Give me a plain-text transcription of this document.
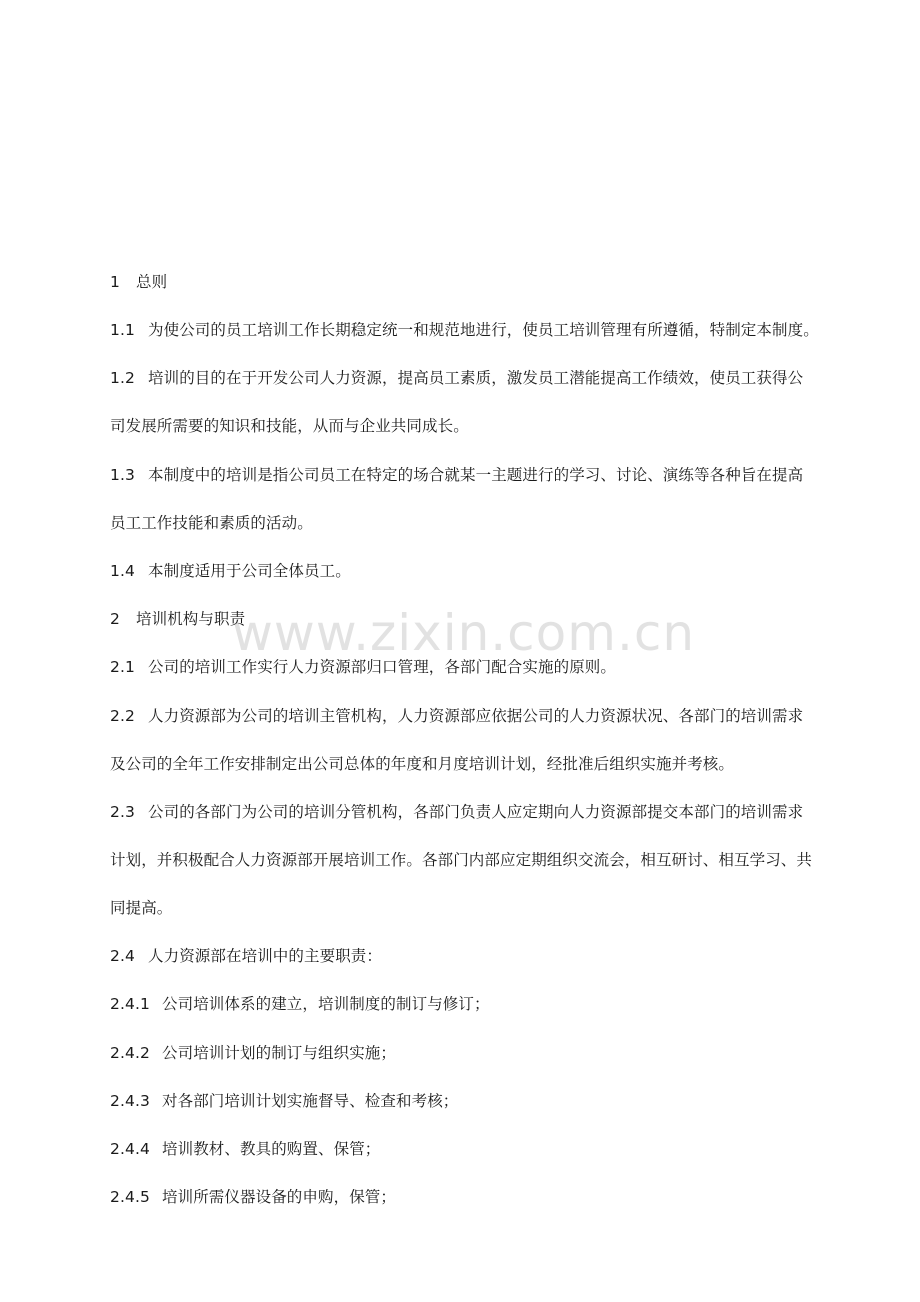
1 总则
1.1 为使公司的员工培训工作长期稳定统一和规范地进行，使员工培训管理有所遵循，特制定本制度。
1.2 培训的目的在于开发公司人力资源，提高员工素质，激发员工潜能提高工作绩效，使员工获得公
司发展所需要的知识和技能，从而与企业共同成长。
1.3 本制度中的培训是指公司员工在特定的场合就某一主题进行的学习、讨论、演练等各种旨在提高
员工工作技能和素质的活动。
1.4 本制度适用于公司全体员工。
2 培训机构与职责
2.1 公司的培训工作实行人力资源部归口管理，各部门配合实施的原则。
2.2 人力资源部为公司的培训主管机构，人力资源部应依据公司的人力资源状况、各部门的培训需求
及公司的全年工作安排制定出公司总体的年度和月度培训计划，经批准后组织实施并考核。
2.3 公司的各部门为公司的培训分管机构，各部门负责人应定期向人力资源部提交本部门的培训需求
计划，并积极配合人力资源部开展培训工作。各部门内部应定期组织交流会，相互研讨、相互学习、共
同提高。
2.4 人力资源部在培训中的主要职责：
2.4.1 公司培训体系的建立，培训制度的制订与修订；
2.4.2 公司培训计划的制订与组织实施；
2.4.3 对各部门培训计划实施督导、检查和考核；
2.4.4 培训教材、教具的购置、保管；
2.4.5 培训所需仪器设备的申购，保管；
www.zixin.com.cn
